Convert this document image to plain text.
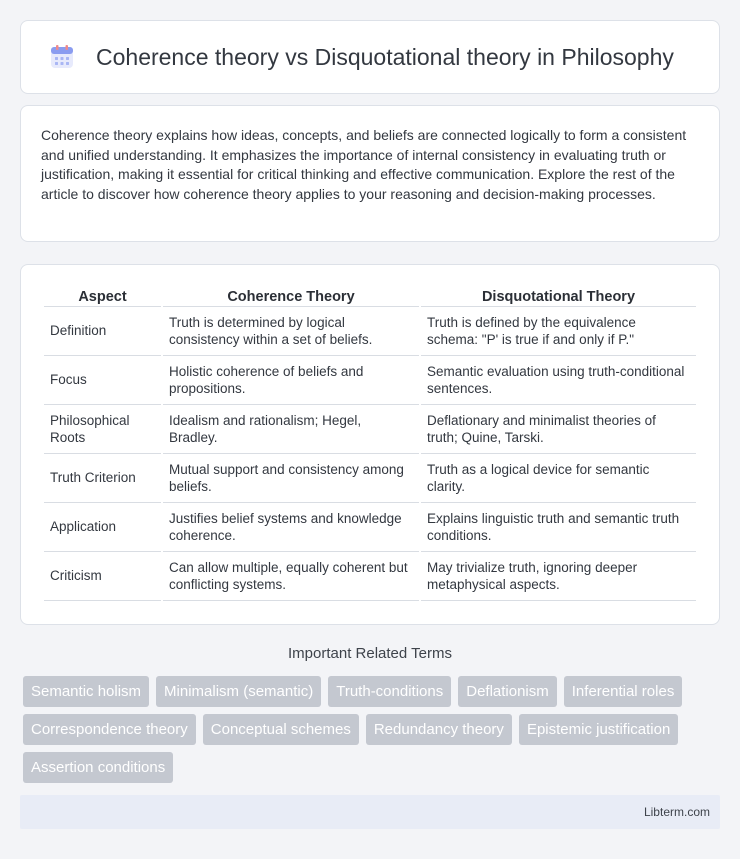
Coherence theory vs Disquotational theory in Philosophy

Coherence theory explains how ideas, concepts, and beliefs are connected logically to form a consistent and unified understanding. It emphasizes the importance of internal consistency in evaluating truth or justification, making it essential for critical thinking and effective communication. Explore the rest of the article to discover how coherence theory applies to your reasoning and decision-making processes.

Aspect	Coherence Theory	Disquotational Theory
Definition	Truth is determined by logical consistency within a set of beliefs.	Truth is defined by the equivalence schema: "P' is true if and only if P."
Focus	Holistic coherence of beliefs and propositions.	Semantic evaluation using truth-conditional sentences.
Philosophical Roots	Idealism and rationalism; Hegel, Bradley.	Deflationary and minimalist theories of truth; Quine, Tarski.
Truth Criterion	Mutual support and consistency among beliefs.	Truth as a logical device for semantic clarity.
Application	Justifies belief systems and knowledge coherence.	Explains linguistic truth and semantic truth conditions.
Criticism	Can allow multiple, equally coherent but conflicting systems.	May trivialize truth, ignoring deeper metaphysical aspects.
Important Related Terms
Semantic holism	Minimalism (semantic)	Truth-conditions	Deflationism	Inferential roles
Correspondence theory	Conceptual schemes	Redundancy theory	Epistemic justification
Assertion conditions
Libterm.com
